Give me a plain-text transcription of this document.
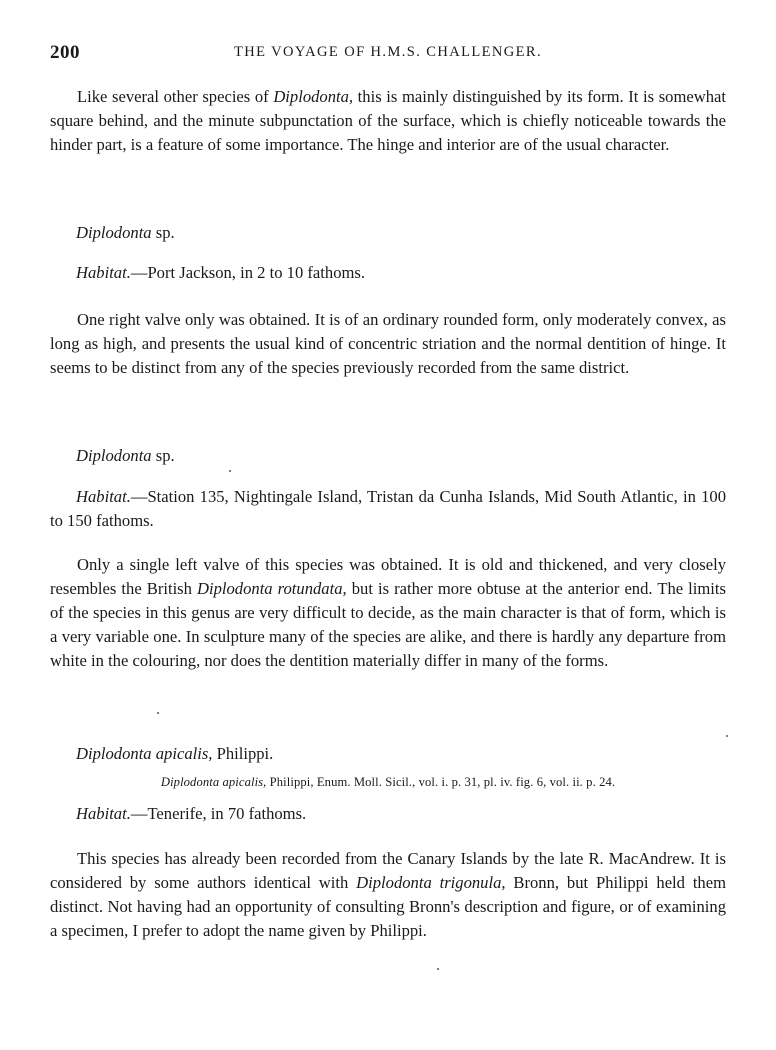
200	THE VOYAGE OF H.M.S. CHALLENGER.

Like several other species of Diplodonta, this is mainly distinguished by its form. It is somewhat square behind, and the minute subpunctation of the surface, which is chiefly noticeable towards the hinder part, is a feature of some importance. The hinge and interior are of the usual character.

Diplodonta sp.
Habitat.—Port Jackson, in 2 to 10 fathoms.

One right valve only was obtained. It is of an ordinary rounded form, only moderately convex, as long as high, and presents the usual kind of concentric striation and the normal dentition of hinge. It seems to be distinct from any of the species previously recorded from the same district.

Diplodonta sp.
Habitat.—Station 135, Nightingale Island, Tristan da Cunha Islands, Mid South Atlantic, in 100 to 150 fathoms.

Only a single left valve of this species was obtained. It is old and thickened, and very closely resembles the British Diplodonta rotundata, but is rather more obtuse at the anterior end. The limits of the species in this genus are very difficult to decide, as the main character is that of form, which is a very variable one. In sculpture many of the species are alike, and there is hardly any departure from white in the colouring, nor does the dentition materially differ in many of the forms.

Diplodonta apicalis, Philippi.
Diplodonta apicalis, Philippi, Enum. Moll. Sicil., vol. i. p. 31, pl. iv. fig. 6, vol. ii. p. 24.
Habitat.—Tenerife, in 70 fathoms.

This species has already been recorded from the Canary Islands by the late R. MacAndrew. It is considered by some authors identical with Diplodonta trigonula, Bronn, but Philippi held them distinct. Not having had an opportunity of consulting Bronn's description and figure, or of examining a specimen, I prefer to adopt the name given by Philippi.
